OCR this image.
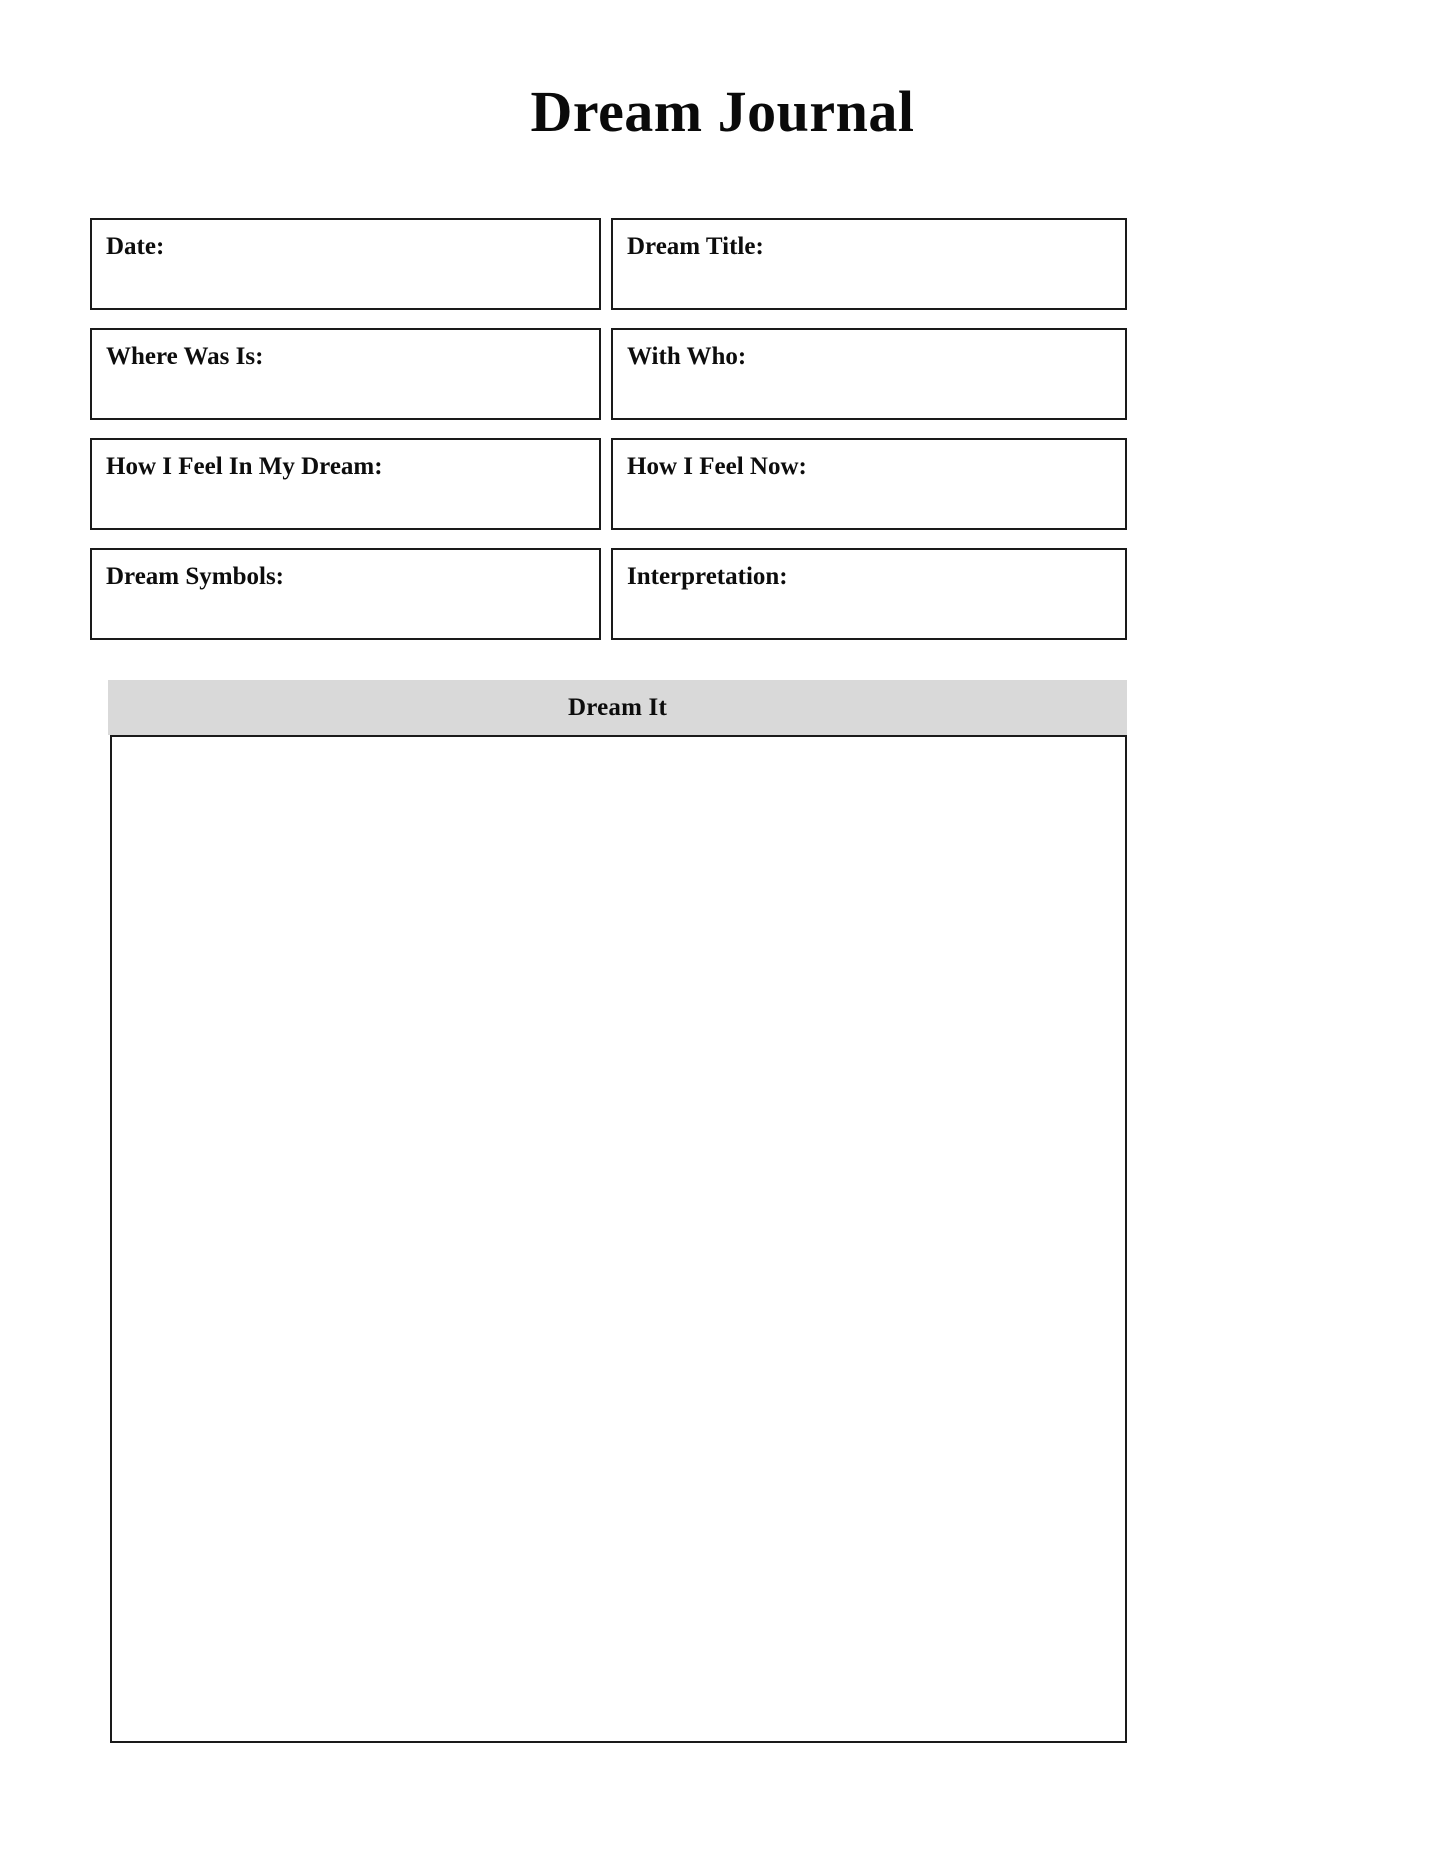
Dream Journal
Date:	Dream Title:
Where Was Is:	With Who:
How I Feel In My Dream:	How I Feel Now:
Dream Symbols:	Interpretation:
Dream It
